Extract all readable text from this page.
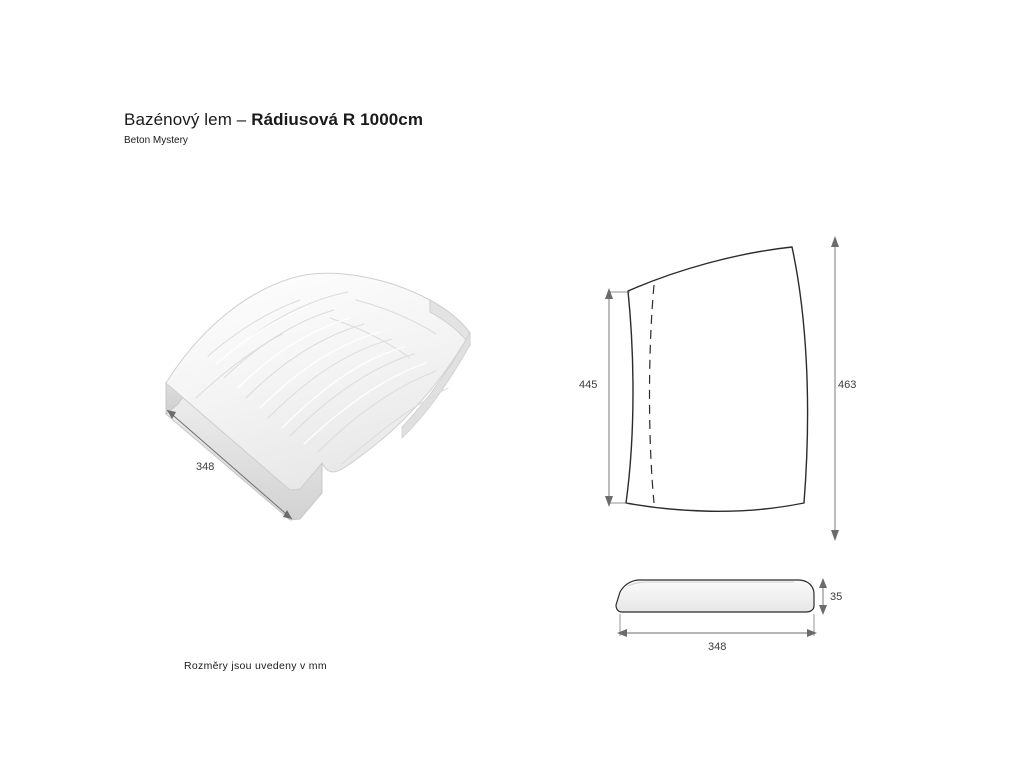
Bazénový lem – Rádiusová R 1000cm
Beton Mystery
348
445	463
35
348
Rozměry jsou uvedeny v mm
